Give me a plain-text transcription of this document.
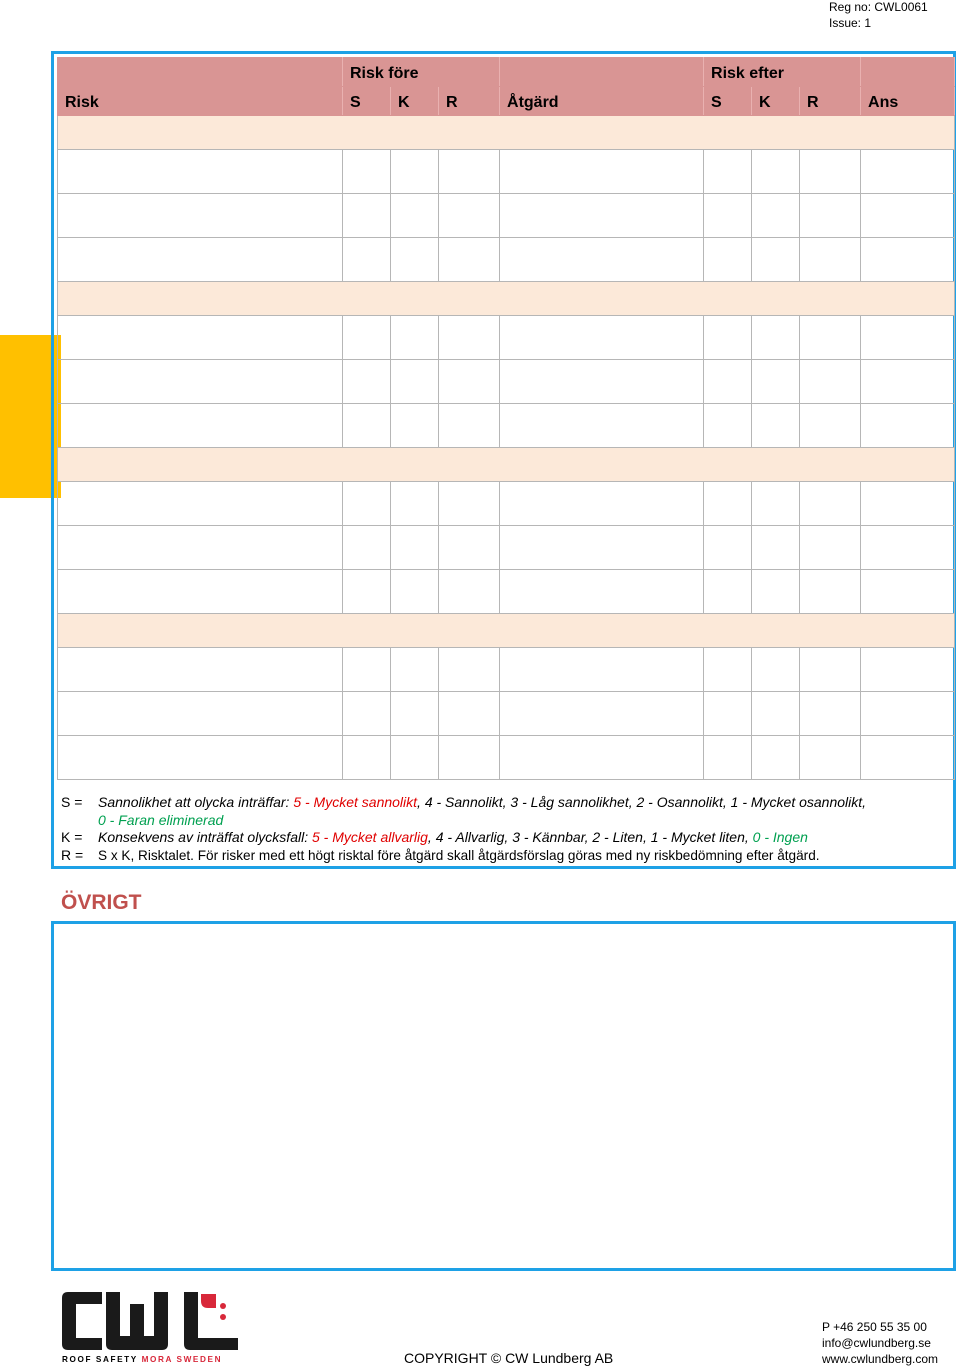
Reg no: CWL0061
Issue: 1
	Risk före				Risk efter			
Risk	S	K	R	Åtgärd	S	K	R	Ans

S = Sannolikhet att olycka inträffar: 5 - Mycket sannolikt, 4 - Sannolikt, 3 - Låg sannolikhet, 2 - Osannolikt, 1 - Mycket osannolikt,
0 - Faran eliminerad
K = Konsekvens av inträffat olycksfall: 5 - Mycket allvarlig, 4 - Allvarlig, 3 - Kännbar, 2 - Liten, 1 - Mycket liten, 0 - Ingen
R = S x K, Risktalet. För risker med ett högt risktal före åtgärd skall åtgärdsförslag göras med ny riskbedömning efter åtgärd.
ÖVRIGT
ROOF SAFETY MORA SWEDEN	COPYRIGHT © CW Lundberg AB
P +46 250 55 35 00
info@cwlundberg.se
www.cwlundberg.com
